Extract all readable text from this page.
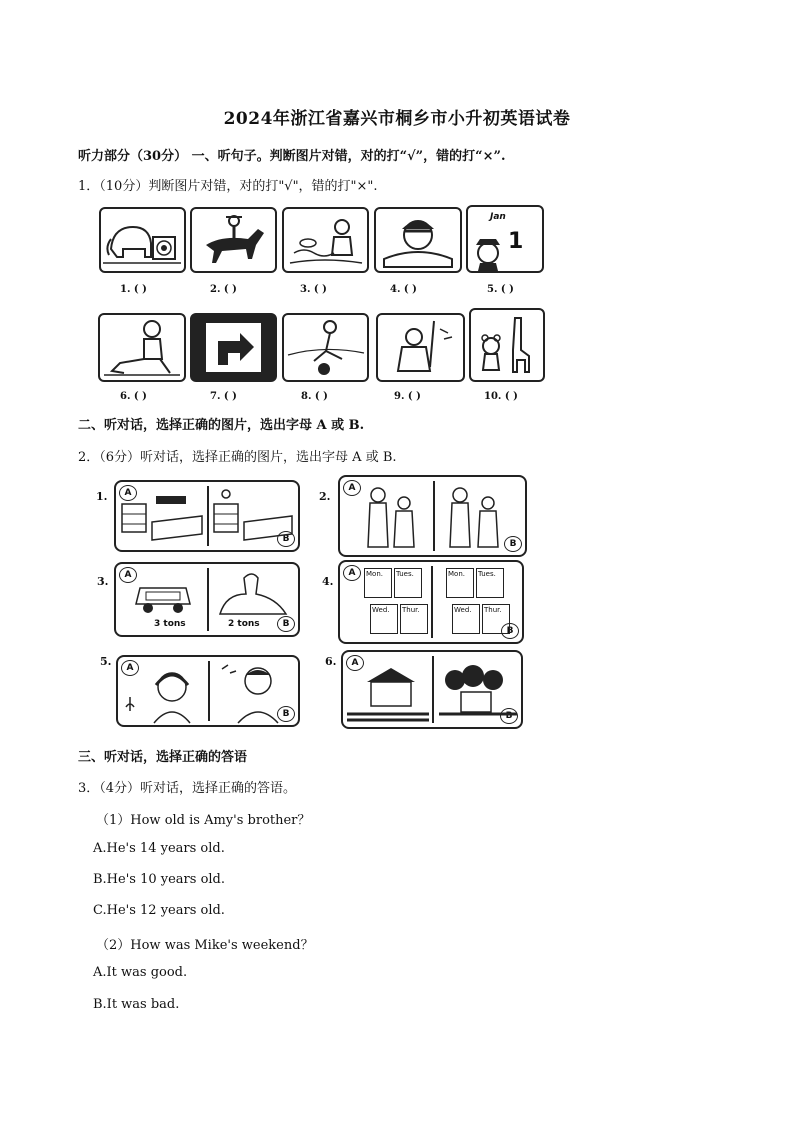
2024年浙江省嘉兴市桐乡市小升初英语试卷
听力部分（30分） 一、听句子。判断图片对错，对的打“√”，错的打“×”.
1．（10分）判断图片对错，对的打"√"，错的打"×".
Jan
1
1. ( )	2. ( )	3. ( )	4. ( )	5. ( )
6. ( )	7. ( )	8. ( )	9. ( )	10. ( )
二、听对话，选择正确的图片，选出字母 A 或 B.
2．（6分）听对话，选择正确的图片，选出字母 A 或 B.
1.	A
B
2.
A
B
3.	A
B
3 tons	2 tons
4.
A
B
Mon.	Tues.
Wed.	Thur.
Mon.	Tues.
Wed.	Thur.
5.	A
B
6.	A
B
三、听对话，选择正确的答语
3．（4分）听对话，选择正确的答语。
（1）How old is Amy's brother？
A.He's 14 years old.
B.He's 10 years old.
C.He's 12 years old.
（2）How was Mike's weekend？
A.It was good.
B.It was bad.
